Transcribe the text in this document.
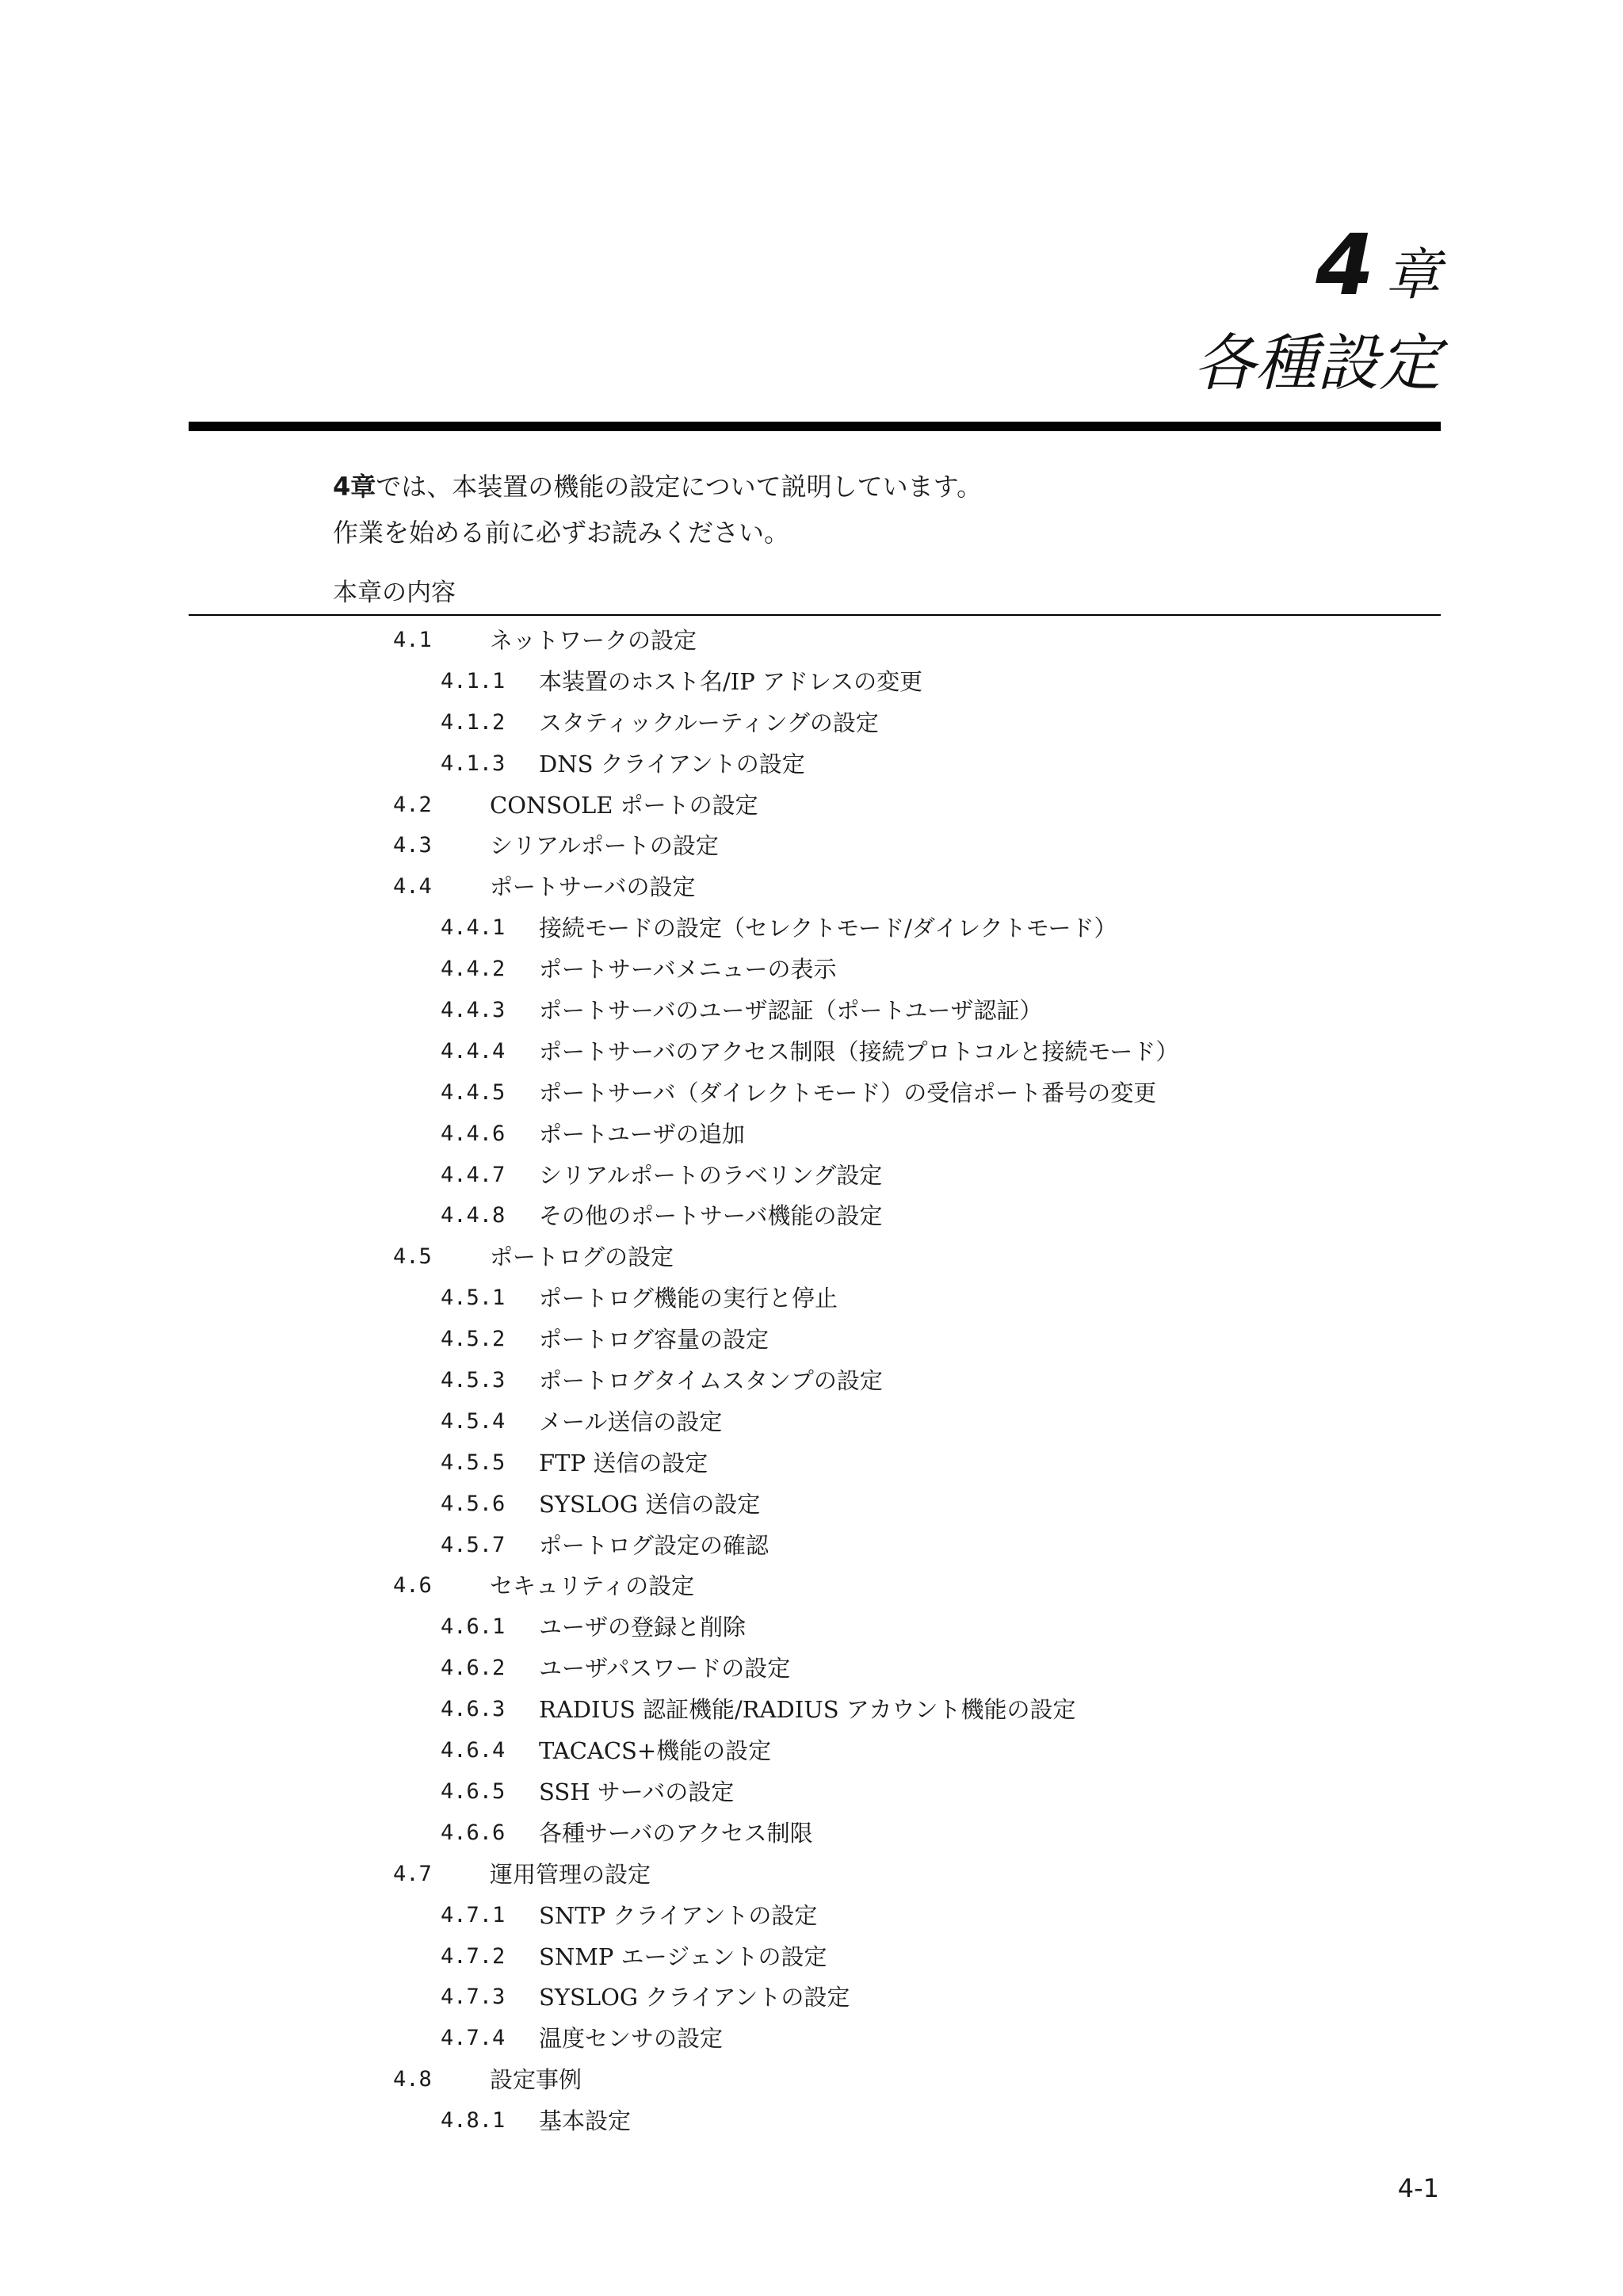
4 章
各種設定
4章では、本装置の機能の設定について説明しています。
作業を始める前に必ずお読みください。
本章の内容
4.1	ネットワークの設定
4.1.1 本装置のホスト名/IP アドレスの変更
4.1.2 スタティックルーティングの設定
4.1.3 DNS クライアントの設定
4.2	CONSOLE ポートの設定
4.3	シリアルポートの設定
4.4	ポートサーバの設定
4.4.1 接続モードの設定（セレクトモード/ダイレクトモード）
4.4.2 ポートサーバメニューの表示
4.4.3 ポートサーバのユーザ認証（ポートユーザ認証）
4.4.4 ポートサーバのアクセス制限（接続プロトコルと接続モード）
4.4.5 ポートサーバ（ダイレクトモード）の受信ポート番号の変更
4.4.6 ポートユーザの追加
4.4.7 シリアルポートのラベリング設定
4.4.8 その他のポートサーバ機能の設定
4.5	ポートログの設定
4.5.1 ポートログ機能の実行と停止
4.5.2 ポートログ容量の設定
4.5.3 ポートログタイムスタンプの設定
4.5.4 メール送信の設定
4.5.5 FTP 送信の設定
4.5.6 SYSLOG 送信の設定
4.5.7 ポートログ設定の確認
4.6	セキュリティの設定
4.6.1 ユーザの登録と削除
4.6.2 ユーザパスワードの設定
4.6.3 RADIUS 認証機能/RADIUS アカウント機能の設定
4.6.4 TACACS+機能の設定
4.6.5 SSH サーバの設定
4.6.6 各種サーバのアクセス制限
4.7	運用管理の設定
4.7.1 SNTP クライアントの設定
4.7.2 SNMP エージェントの設定
4.7.3 SYSLOG クライアントの設定
4.7.4 温度センサの設定
4.8	設定事例
4.8.1 基本設定
4-1
